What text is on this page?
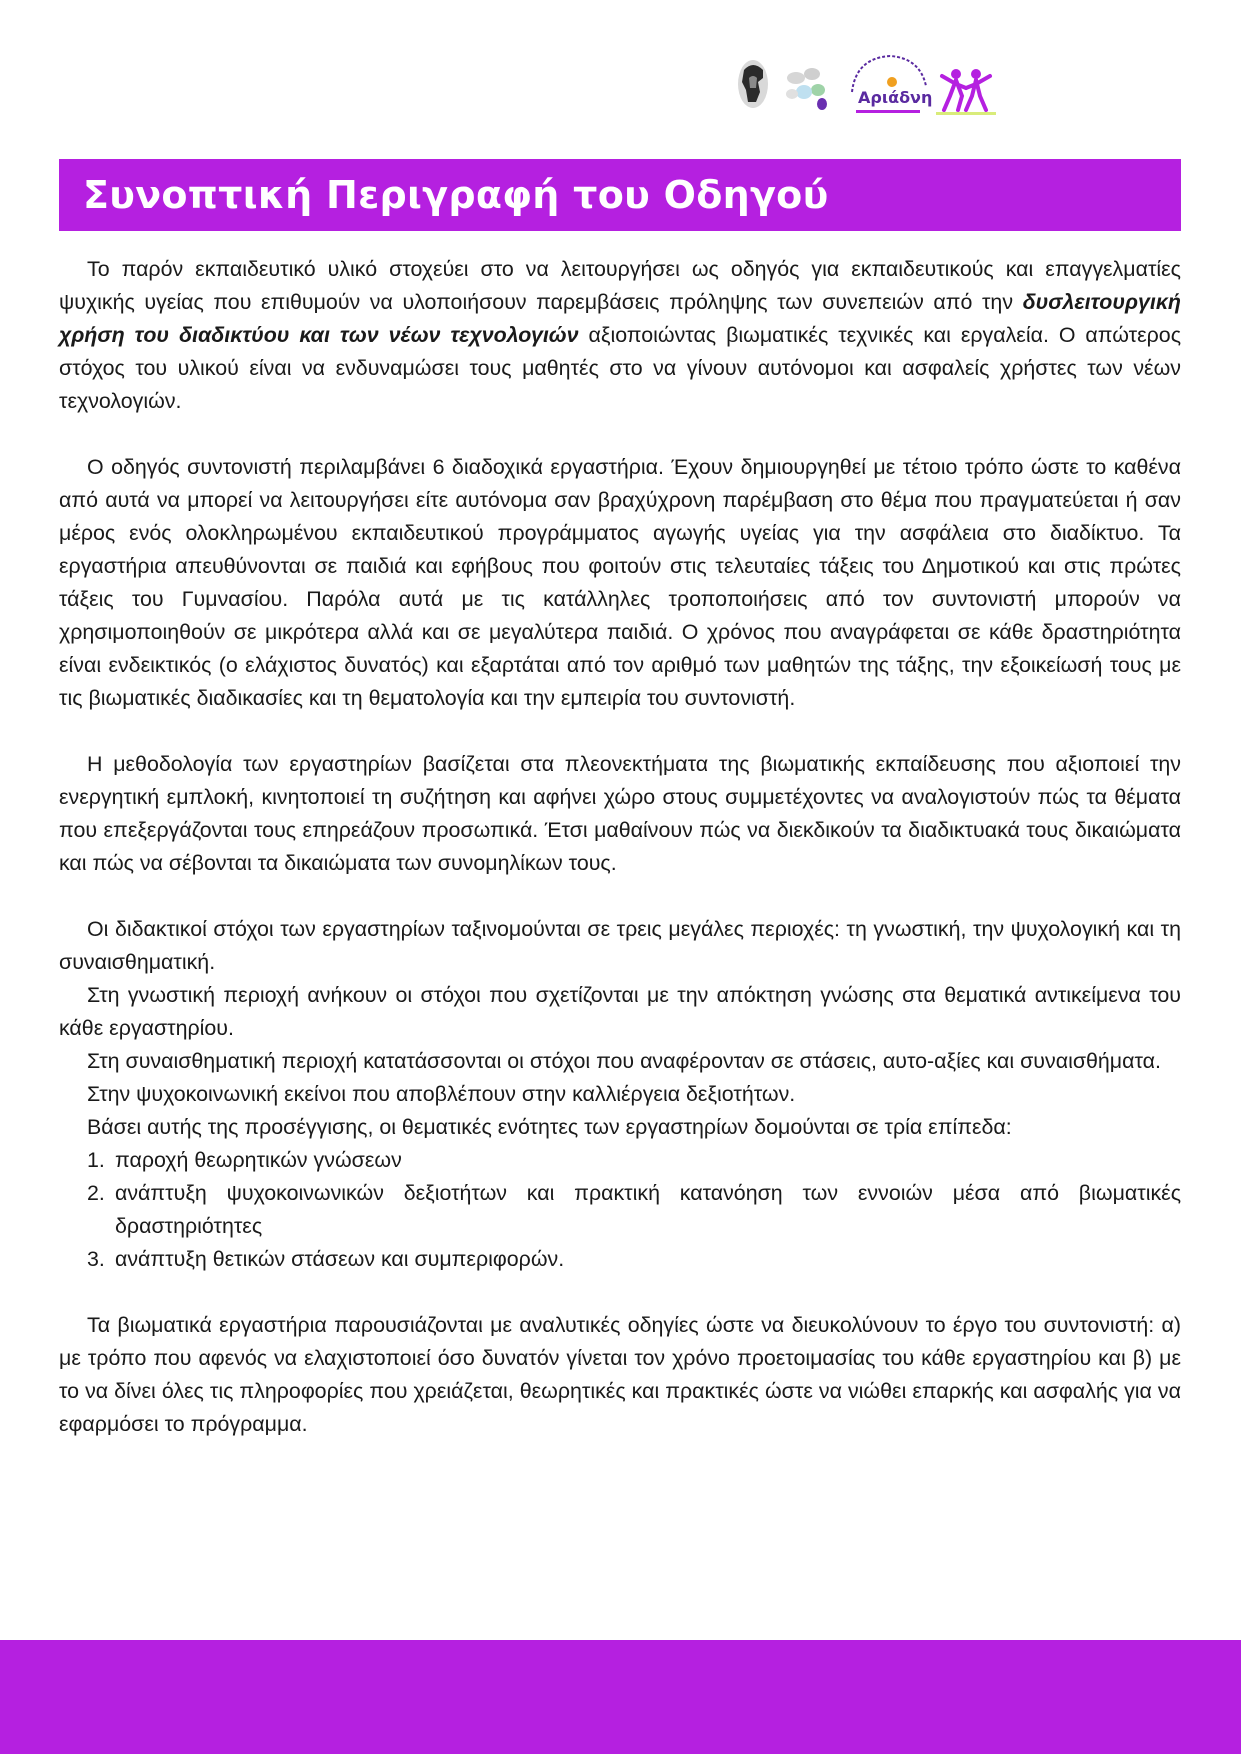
Αριάδνη
Συνοπτική Περιγραφή του Οδηγού

Το παρόν εκπαιδευτικό υλικό στοχεύει στο να λειτουργήσει ως οδηγός για εκπαιδευτικούς και επαγγελματίες ψυχικής υγείας που επιθυμούν να υλοποιήσουν παρεμβάσεις πρόληψης των συνεπειών από την δυσλειτουργική χρήση του διαδικτύου και των νέων τεχνολογιών αξιοποιώντας βιωματικές τεχνικές και εργαλεία. Ο απώτερος στόχος του υλικού είναι να ενδυναμώσει τους μαθητές στο να γίνουν αυτόνομοι και ασφαλείς χρήστες των νέων τεχνολογιών.

Ο οδηγός συντονιστή περιλαμβάνει 6 διαδοχικά εργαστήρια. Έχουν δημιουργηθεί με τέτοιο τρόπο ώστε το καθένα από αυτά να μπορεί να λειτουργήσει είτε αυτόνομα σαν βραχύχρονη παρέμβαση στο θέμα που πραγματεύεται ή σαν μέρος ενός ολοκληρωμένου εκπαιδευτικού προγράμματος αγωγής υγείας για την ασφάλεια στο διαδίκτυο. Τα εργαστήρια απευθύνονται σε παιδιά και εφήβους που φοιτούν στις τελευταίες τάξεις του Δημοτικού και στις πρώτες τάξεις του Γυμνασίου. Παρόλα αυτά με τις κατάλληλες τροποποιήσεις από τον συντονιστή μπορούν να χρησιμοποιηθούν σε μικρότερα αλλά και σε μεγαλύτερα παιδιά. Ο χρόνος που αναγράφεται σε κάθε δραστηριότητα είναι ενδεικτικός (ο ελάχιστος δυνατός) και εξαρτάται από τον αριθμό των μαθητών της τάξης, την εξοικείωσή τους με τις βιωματικές διαδικασίες και τη θεματολογία και την εμπειρία του συντονιστή.

Η μεθοδολογία των εργαστηρίων βασίζεται στα πλεονεκτήματα της βιωματικής εκπαίδευσης που αξιοποιεί την ενεργητική εμπλοκή, κινητοποιεί τη συζήτηση και αφήνει χώρο στους συμμετέχοντες να αναλογιστούν πώς τα θέματα που επεξεργάζονται τους επηρεάζουν προσωπικά. Έτσι μαθαίνουν πώς να διεκδικούν τα διαδικτυακά τους δικαιώματα και πώς να σέβονται τα δικαιώματα των συνομηλίκων τους.

Οι διδακτικοί στόχοι των εργαστηρίων ταξινομούνται σε τρεις μεγάλες περιοχές: τη γνωστική, την ψυχολογική και τη συναισθηματική.

Στη γνωστική περιοχή ανήκουν οι στόχοι που σχετίζονται με την απόκτηση γνώσης στα θεματικά αντικείμενα του κάθε εργαστηρίου.

Στη συναισθηματική περιοχή κατατάσσονται οι στόχοι που αναφέρονταν σε στάσεις, αυτο-αξίες και συναισθήματα.

Στην ψυχοκοινωνική εκείνοι που αποβλέπουν στην καλλιέργεια δεξιοτήτων.

Βάσει αυτής της προσέγγισης, οι θεματικές ενότητες των εργαστηρίων δομούνται σε τρία επίπεδα:

1. παροχή θεωρητικών γνώσεων
2. ανάπτυξη ψυχοκοινωνικών δεξιοτήτων και πρακτική κατανόηση των εννοιών μέσα από βιωματικές δραστηριότητες
3. ανάπτυξη θετικών στάσεων και συμπεριφορών.

Τα βιωματικά εργαστήρια παρουσιάζονται με αναλυτικές οδηγίες ώστε να διευκολύνουν το έργο του συντονιστή: α) με τρόπο που αφενός να ελαχιστοποιεί όσο δυνατόν γίνεται τον χρόνο προετοιμασίας του κάθε εργαστηρίου και β) με το να δίνει όλες τις πληροφορίες που χρειάζεται, θεωρητικές και πρακτικές ώστε να νιώθει επαρκής και ασφαλής για να εφαρμόσει το πρόγραμμα.
